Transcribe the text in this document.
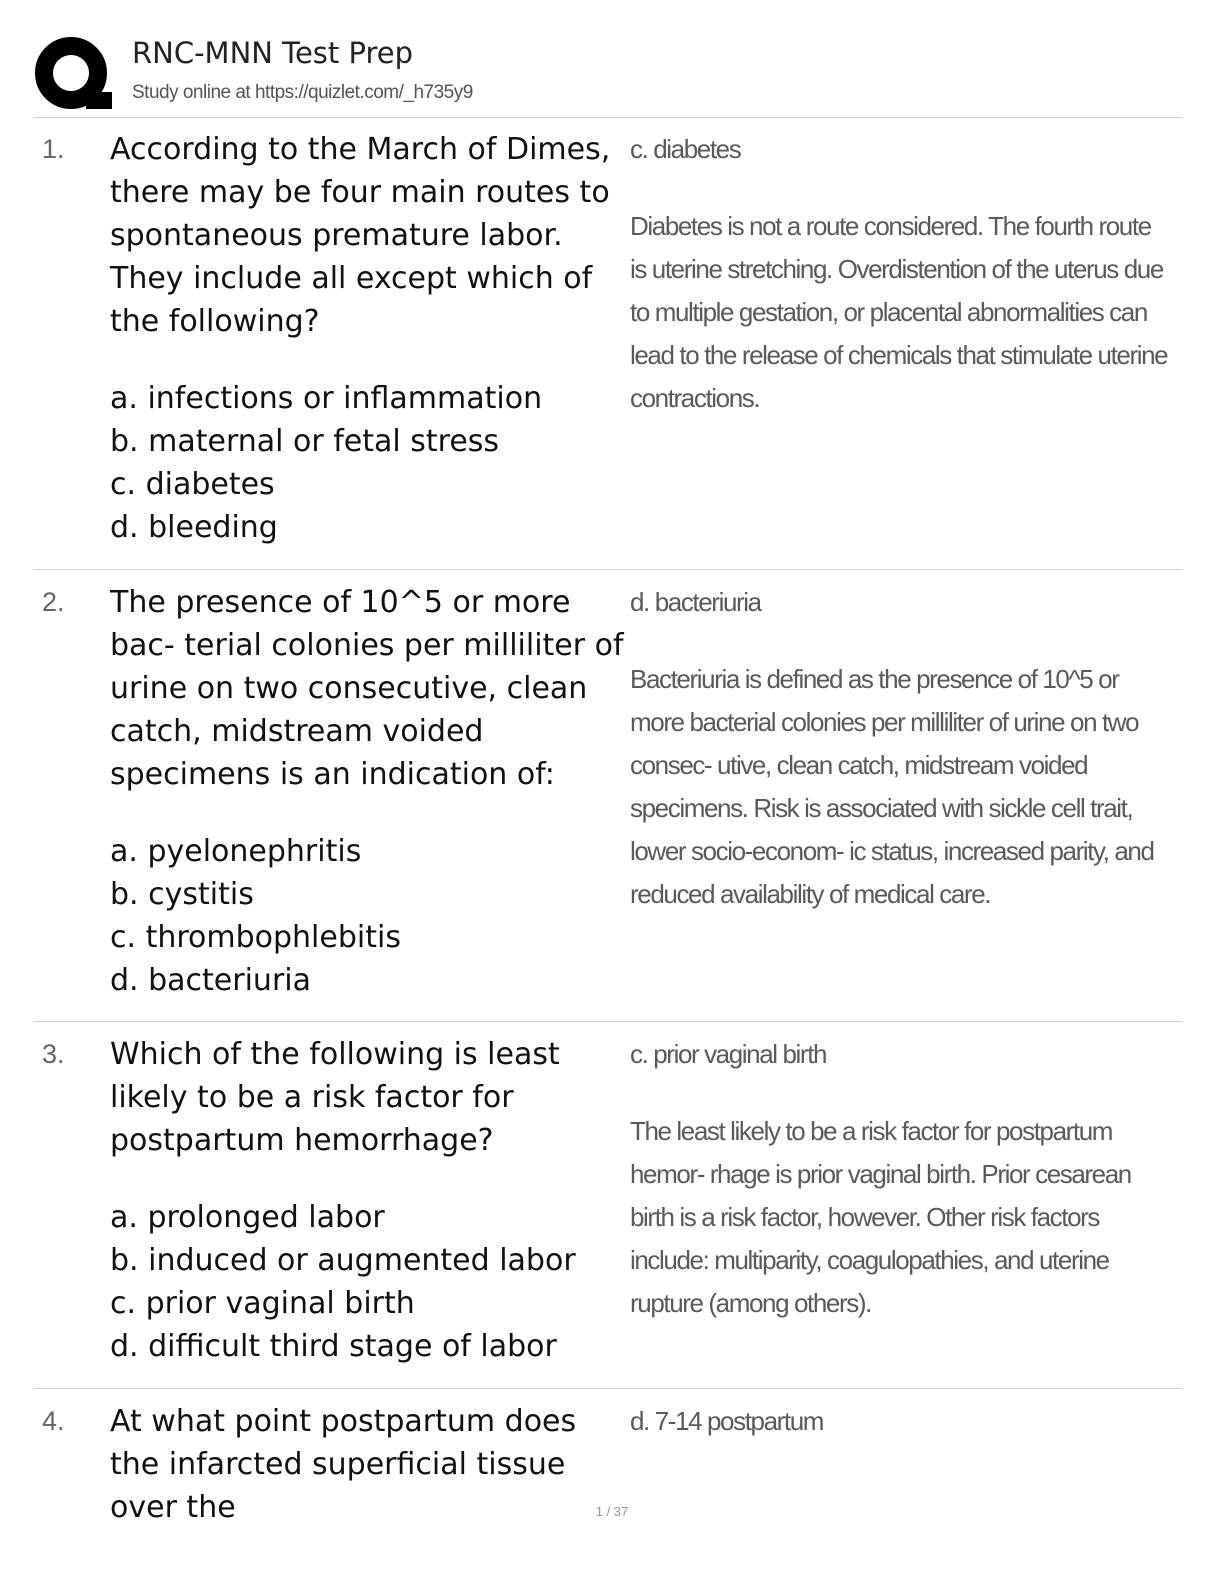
RNC-MNN Test Prep
Study online at https://quizlet.com/_h735y9
1. According to the March of Dimes, there may be four main routes to spontaneous premature labor. They include all except which of the following?
a. infections or inflammation
b. maternal or fetal stress
c. diabetes
d. bleeding
c. diabetes
Diabetes is not a route considered. The fourth route is uterine stretching. Overdistention of the uterus due to multiple gestation, or placental abnormalities can lead to the release of chemicals that stimulate uterine contractions.
2. The presence of 10^5 or more bac- terial colonies per milliliter of urine on two consecutive, clean catch, midstream voided specimens is an indication of:
a. pyelonephritis
b. cystitis
c. thrombophlebitis
d. bacteriuria
d. bacteriuria
Bacteriuria is defined as the presence of 10^5 or more bacterial colonies per milliliter of urine on two consec- utive, clean catch, midstream voided specimens. Risk is associated with sickle cell trait, lower socio-econom- ic status, increased parity, and reduced availability of medical care.
3. Which of the following is least likely to be a risk factor for postpartum hemorrhage?
a. prolonged labor
b. induced or augmented labor
c. prior vaginal birth
d. difficult third stage of labor
c. prior vaginal birth
The least likely to be a risk factor for postpartum hemor- rhage is prior vaginal birth. Prior cesarean birth is a risk factor, however. Other risk factors include: multiparity, coagulopathies, and uterine rupture (among others).
4. At what point postpartum does the infarcted superficial tissue over the
d. 7-14 postpartum
1 / 37
